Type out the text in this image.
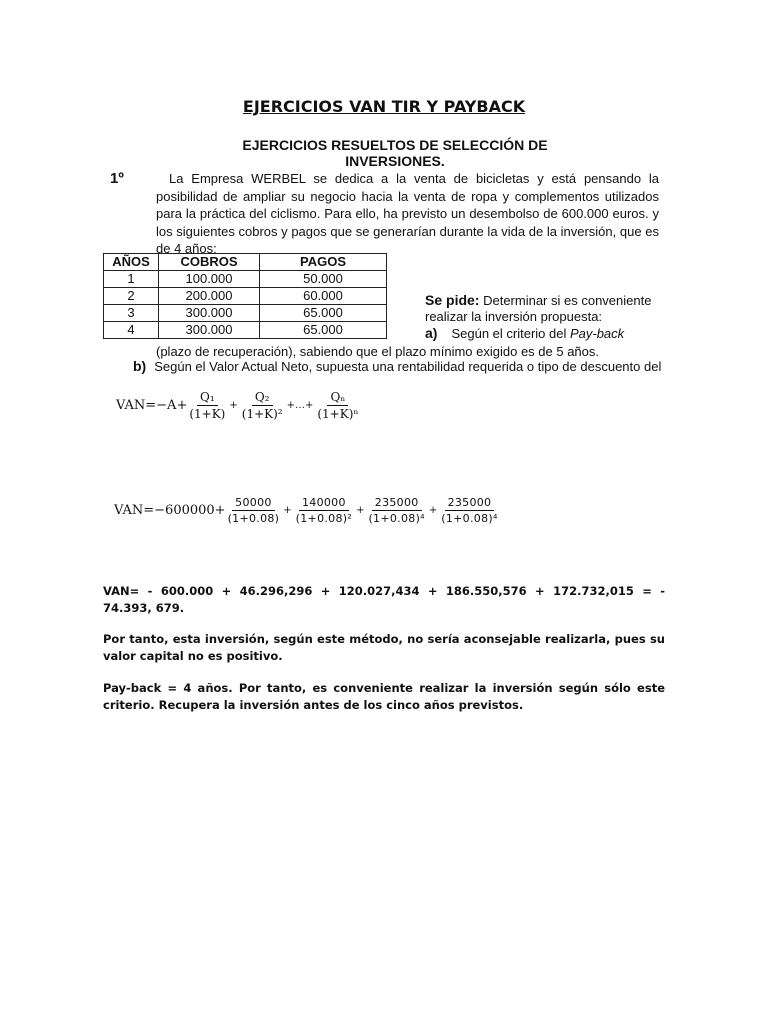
EJERCICIOS VAN TIR Y PAYBACK
EJERCICIOS RESUELTOS DE SELECCIÓN DE
INVERSIONES.
1º	La Empresa WERBEL se dedica a la venta de bicicletas y está pensando la posibilidad de ampliar su negocio hacia la venta de ropa y complementos utilizados para la práctica del ciclismo. Para ello, ha previsto un desembolso de 600.000 euros. y los siguientes cobros y pagos que se generarían durante la vida de la inversión, que es de 4 años:
AÑOS	COBROS	PAGOS
1	100.000	50.000
2	200.000	60.000
3	300.000	65.000
4	300.000	65.000
Se pide: Determinar si es conveniente realizar la inversión propuesta:
a) Según el criterio del Pay-back
(plazo de recuperación), sabiendo que el plazo mínimo exigido es de 5 años.
b) Según el Valor Actual Neto, supuesta una rentabilidad requerida o tipo de descuento del
$VAN=-A+ \frac{\text{Q₁}}{(1+K)} + \frac{\text{Q₂}}{\text{(1+K)²}}$ +…+ $\frac{\text{Qₙ}}{\text{(1+K)ⁿ}}$
$VAN=-600000+ \frac{50000}{(1+0.08)} + \frac{140000}{\text{(1+0.08)²}} + \frac{235000}{\text{(1+0.08)⁴}} + \frac{235000}{\text{(1+0.08)⁴}}$
VAN= - 600.000 + 46.296,296 + 120.027,434 + 186.550,576 + 172.732,015 = - 74.393, 679.
Por tanto, esta inversión, según este método, no sería aconsejable realizarla, pues su valor capital no es positivo.
Pay-back = 4 años. Por tanto, es conveniente realizar la inversión según sólo este criterio. Recupera la inversión antes de los cinco años previstos.
